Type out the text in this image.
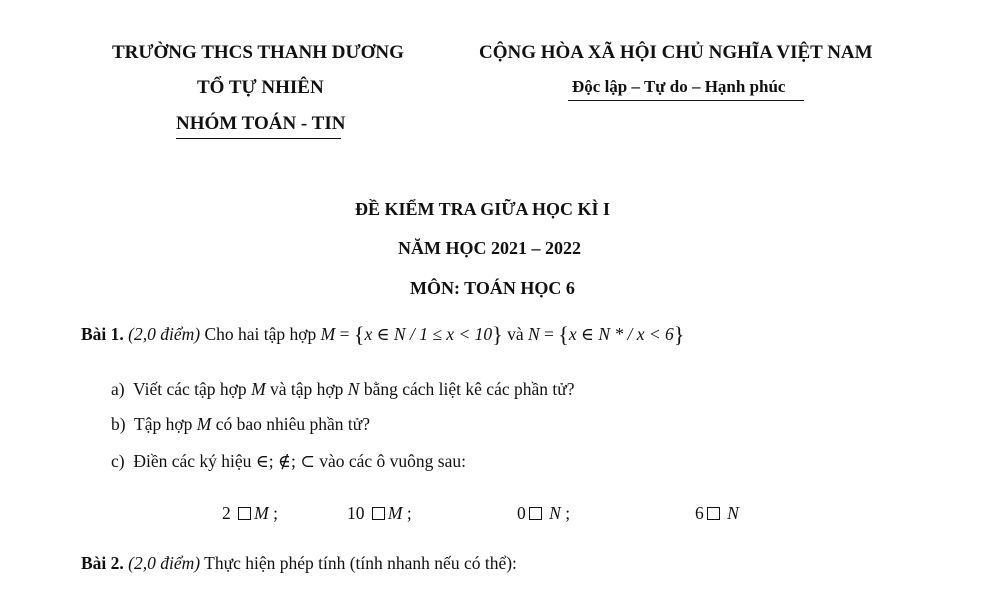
TRƯỜNG THCS THANH DƯƠNG
TỔ TỰ NHIÊN
NHÓM TOÁN - TIN
CỘNG HÒA XÃ HỘI CHỦ NGHĨA VIỆT NAM
Độc lập – Tự do – Hạnh phúc
ĐỀ KIỂM TRA GIỮA HỌC KÌ I
NĂM HỌC 2021 – 2022
MÔN: TOÁN HỌC 6
Bài 1. (2,0 điểm) Cho hai tập hợp M = {x ∈ N / 1 ≤ x < 10} và N = {x ∈ N * / x < 6}
a) Viết các tập hợp M và tập hợp N bằng cách liệt kê các phần tử?
b) Tập hợp M có bao nhiêu phần tử?
c) Điền các ký hiệu ∈; ∉; ⊂ vào các ô vuông sau:
2 M ;	10 M ;	0 N ;	6 N
Bài 2. (2,0 điểm) Thực hiện phép tính (tính nhanh nếu có thể):
